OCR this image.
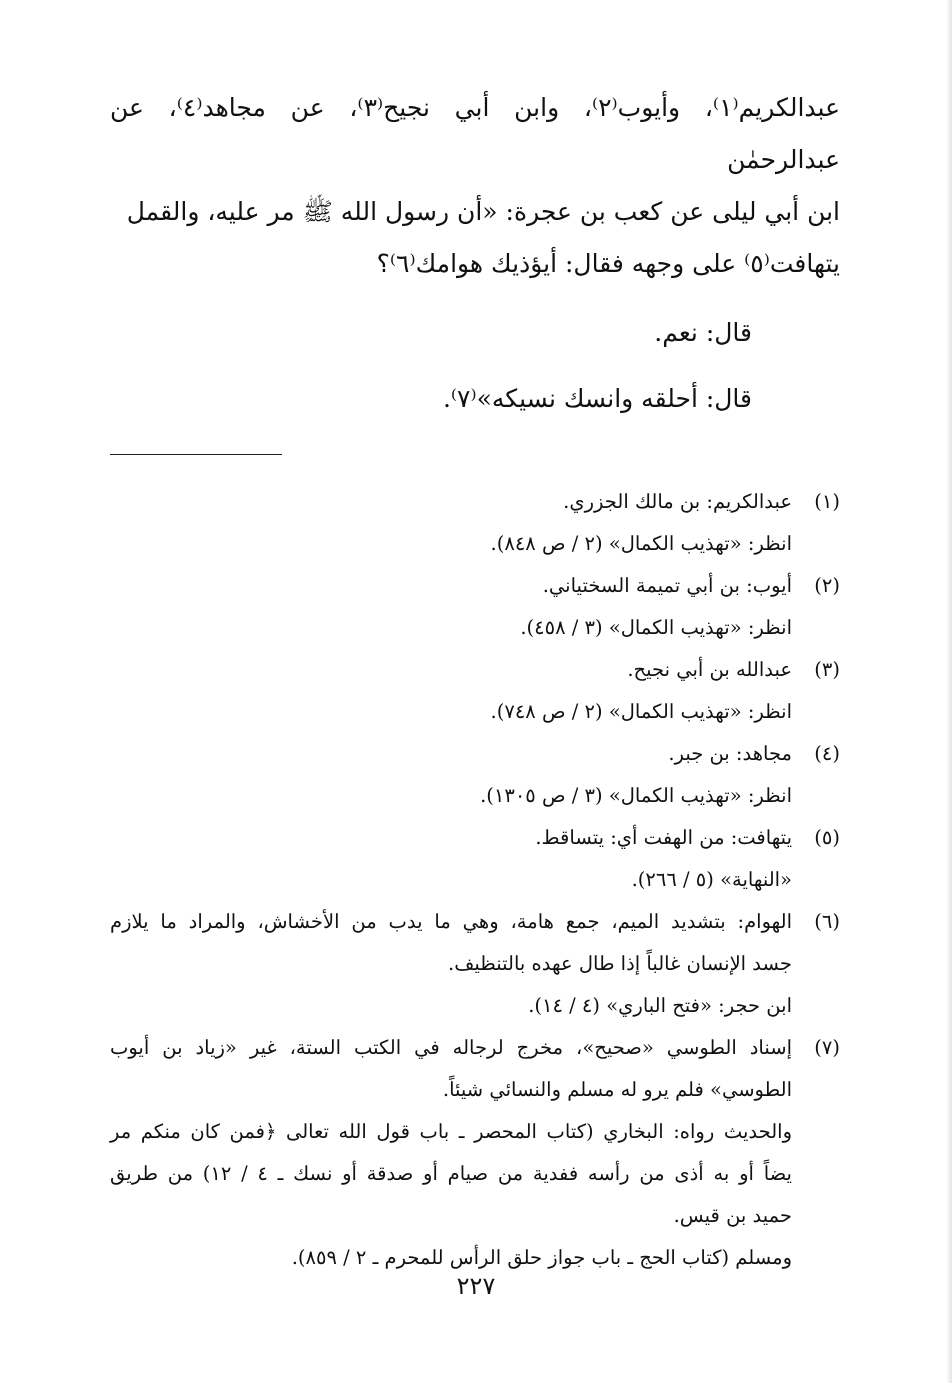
عبدالكريم⁽١⁾، وأيوب⁽٢⁾، وابن أبي نجيح⁽٣⁾، عن مجاهد⁽٤⁾، عن عبدالرحمٰن

ابن أبي ليلى عن كعب بن عجرة: «أن رسول الله ﷺ مر عليه، والقمل

يتهافت⁽٥⁾ على وجهه فقال: أيؤذيك هوامك⁽٦⁾؟

قال: نعم.

قال: أحلقه وانسك نسيكه»⁽٧⁾.

(١)
عبدالكريم: بن مالك الجزري.
انظر: «تهذيب الكمال» (٢ / ص ٨٤٨).
(٢)
أيوب: بن أبي تميمة السختياني.
انظر: «تهذيب الكمال» (٣ / ٤٥٨).
(٣)
عبدالله بن أبي نجيح.
انظر: «تهذيب الكمال» (٢ / ص ٧٤٨).
(٤)
مجاهد: بن جبر.
انظر: «تهذيب الكمال» (٣ / ص ١٣٠٥).
(٥)
يتهافت: من الهفت أي: يتساقط.
«النهاية» (٥ / ٢٦٦).
(٦)
الهوام: بتشديد الميم، جمع هامة، وهي ما يدب من الأخشاش، والمراد ما يلازم
جسد الإنسان غالباً إذا طال عهده بالتنظيف.
ابن حجر: «فتح الباري» (٤ / ١٤).
(٧)
إسناد الطوسي «صحيح»، مخرج لرجاله في الكتب الستة، غير «زياد بن أيوب
الطوسي» فلم يرو له مسلم والنسائي شيئاً.
والحديث رواه: البخاري (كتاب المحصر ـ باب قول الله تعالى ﴿فمن كان منكم مر
يضاً أو به أذى من رأسه ففدية من صيام أو صدقة أو نسك ـ ٤ / ١٢) من طريق
حميد بن قيس.
ومسلم (كتاب الحج ـ باب جواز حلق الرأس للمحرم ـ ٢ / ٨٥٩).
٢٢٧
